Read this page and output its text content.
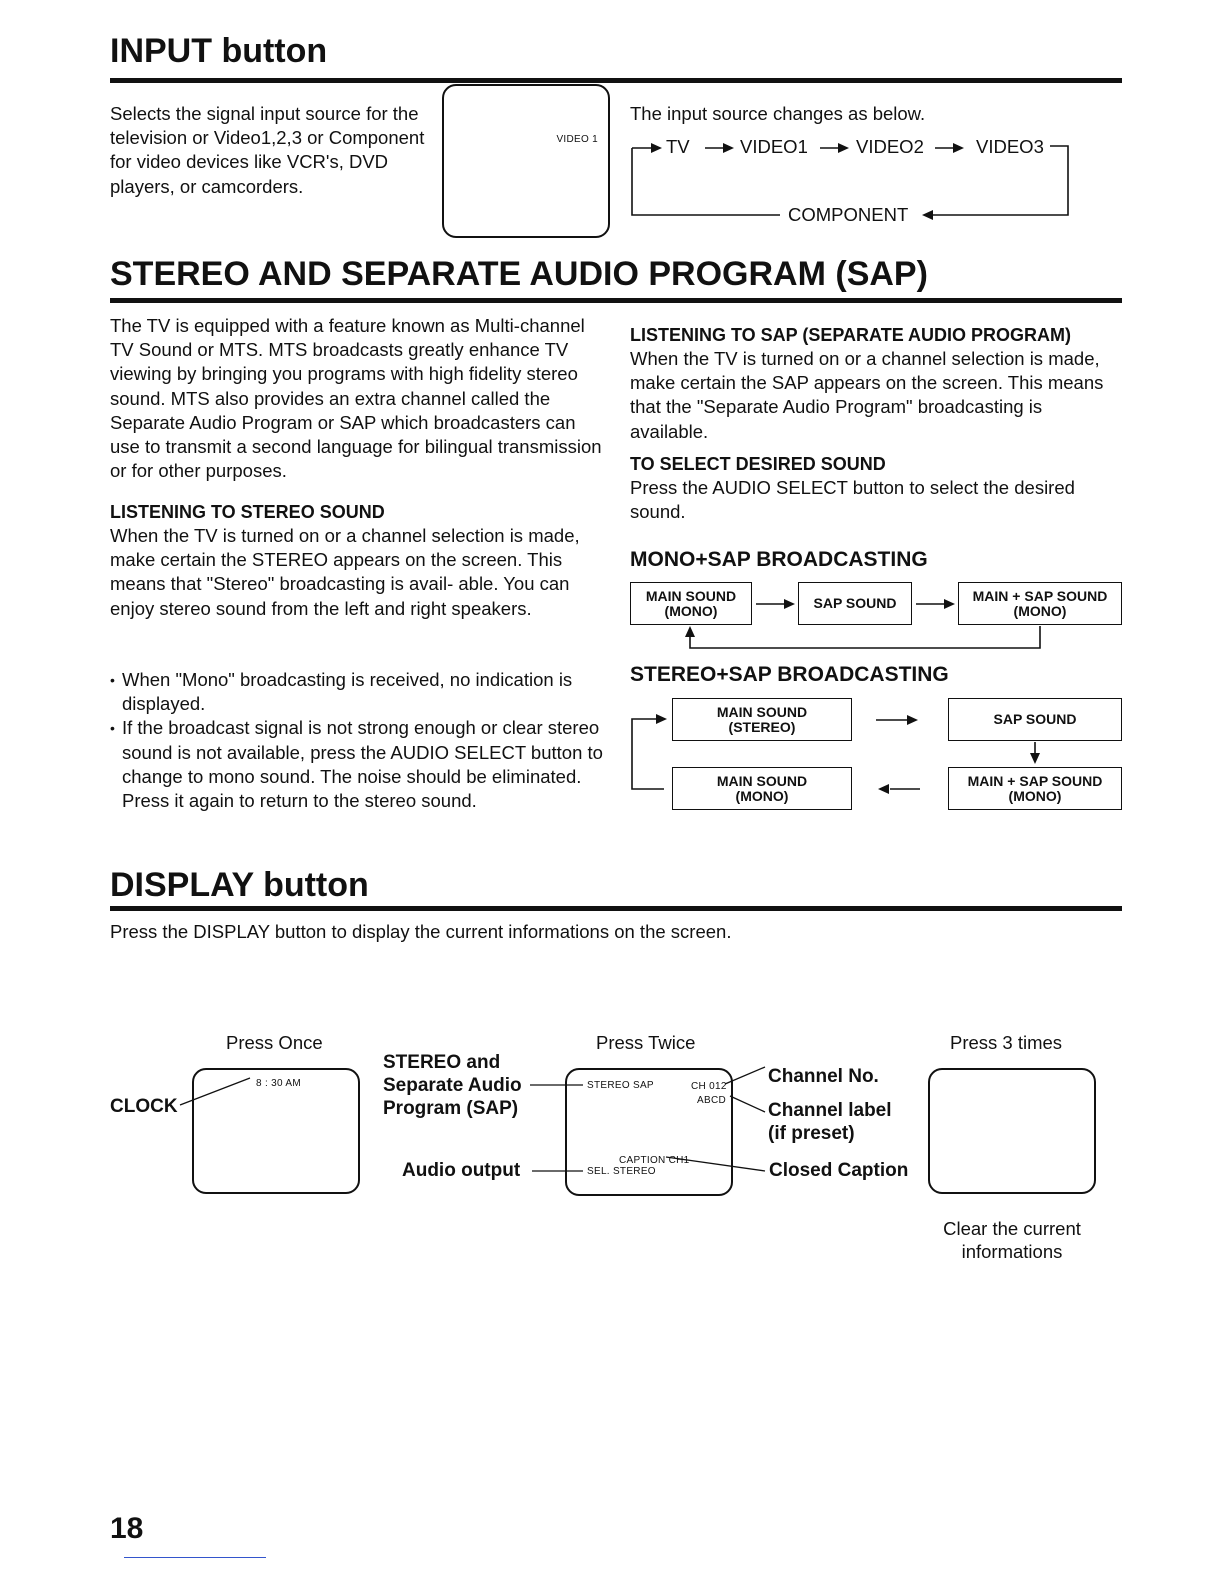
INPUT button
Selects the signal input source for the television or Video1,2,3 or Component for video devices like VCR's, DVD players, or camcorders.
VIDEO 1
The input source changes as below.
TV	VIDEO1	VIDEO2	VIDEO3
COMPONENT
STEREO AND SEPARATE AUDIO PROGRAM (SAP)
The TV is equipped with a feature known as Multi-channel TV Sound or MTS. MTS broadcasts greatly enhance TV viewing by bringing you programs with high fidelity stereo sound. MTS also provides an extra channel called the Separate Audio Program or SAP which broadcasters can use to transmit a second language for bilingual transmission or for other purposes.
LISTENING TO STEREO SOUND
When the TV is turned on or a channel selection is made, make certain the STEREO appears on the screen. This means that "Stereo" broadcasting is avail- able. You can enjoy stereo sound from the left and right speakers.
• When "Mono" broadcasting is received, no indication is displayed.
• If the broadcast signal is not strong enough or clear stereo sound is not available, press the AUDIO SELECT button to change to mono sound. The noise should be eliminated. Press it again to return to the stereo sound.
LISTENING TO SAP (SEPARATE AUDIO PROGRAM)
When the TV is turned on or a channel selection is made, make certain the SAP appears on the screen. This means that the "Separate Audio Program" broadcasting is available.
TO SELECT DESIRED SOUND
Press the AUDIO SELECT button to select the desired sound.
MONO+SAP BROADCASTING
MAIN SOUND
(MONO)	SAP SOUND	MAIN + SAP SOUND
(MONO)
STEREO+SAP BROADCASTING
MAIN SOUND
(STEREO)	SAP SOUND
MAIN + SAP SOUND
(MONO)
MAIN SOUND
(MONO)
DISPLAY button
Press the DISPLAY button to display the current informations on the screen.
Press Once	Press Twice	Press 3 times
8 : 30 AM
CLOCK
STEREO SAP	CH 012
ABCD
CAPTION CH1
SEL. STEREO
STEREO and
Separate Audio
Program (SAP)
Audio output
Channel No.
Channel label
(if preset)
Closed Caption
Clear the current
informations
18
